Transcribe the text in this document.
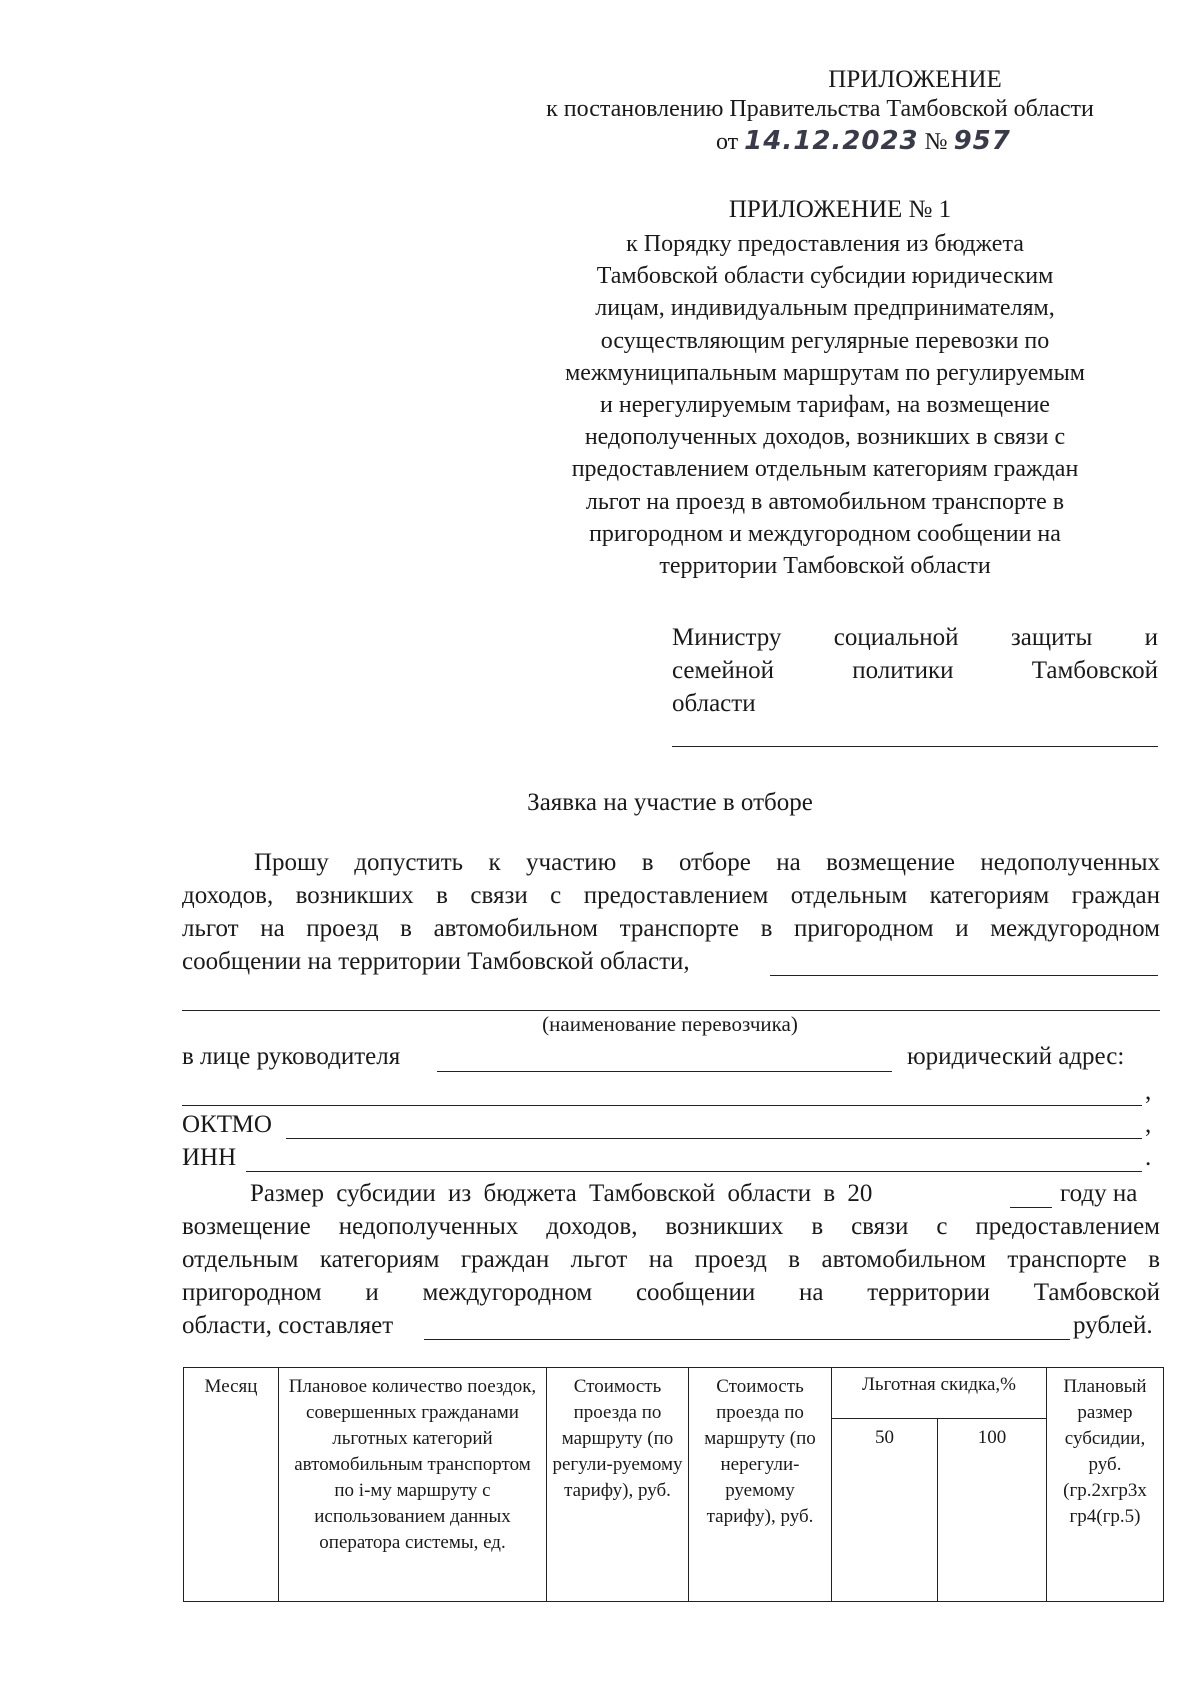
ПРИЛОЖЕНИЕ
к постановлению Правительства Тамбовской области
от 14.12.2023 № 957
ПРИЛОЖЕНИЕ № 1
к Порядку предоставления из бюджета
Тамбовской области субсидии юридическим
лицам, индивидуальным предпринимателям,
осуществляющим регулярные перевозки по
межмуниципальным маршрутам по регулируемым
и нерегулируемым тарифам, на возмещение
недополученных доходов, возникших в связи с
предоставлением отдельным категориям граждан
льгот на проезд в автомобильном транспорте в
пригородном и междугородном сообщении на
территории Тамбовской области
Министру социальной защиты и
семейной политики Тамбовской
области
Заявка на участие в отборе
Прошу допустить к участию в отборе на возмещение недополученных
доходов, возникших в связи с предоставлением отдельным категориям граждан
льгот на проезд в автомобильном транспорте в пригородном и междугородном
сообщении на территории Тамбовской области,
(наименование перевозчика)
в лице руководителя	юридический адрес:
,
ОКТМО	,
ИНН	.
Размер субсидии из бюджета Тамбовской области в 20	году на
возмещение недополученных доходов, возникших в связи с предоставлением
отдельным категориям граждан льгот на проезд в автомобильном транспорте в
пригородном и междугородном сообщении на территории Тамбовской
области, составляет	рублей.
Месяц	Плановое количество поездок, совершенных гражданами льготных категорий автомобильным транспортом по i-му маршруту с использованием данных оператора системы, ед.	Стоимость проезда по маршруту (по регули-руемому тарифу), руб.	Стоимость проезда по маршруту (по нерегули-руемому тарифу), руб.	Льготная скидка,%		Плановый размер субсидии, руб. (гр.2хгр3х гр4(гр.5)
				50	100	
